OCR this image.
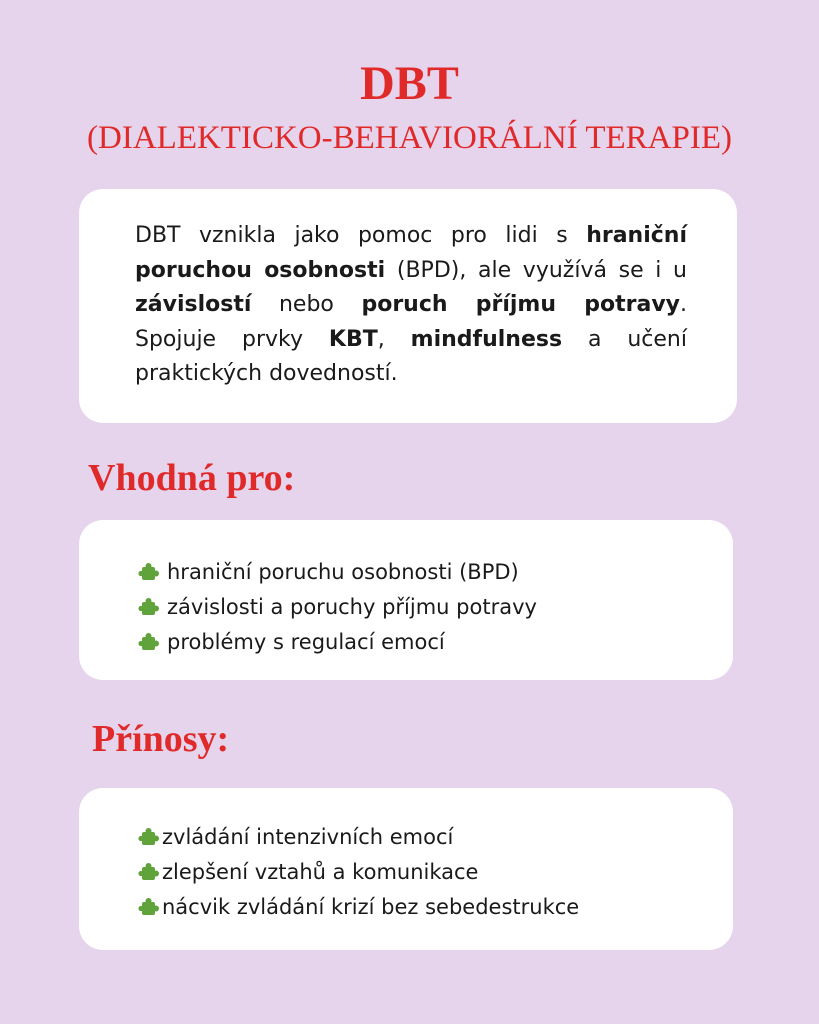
DBT
(DIALEKTICKO-BEHAVIORÁLNÍ TERAPIE)

DBT vznikla jako pomoc pro lidi s hraniční poruchou osobnosti (BPD), ale využívá se i u závislostí nebo poruch příjmu potravy. Spojuje prvky KBT, mindfulness a učení praktických dovedností.

Vhodná pro:
hraniční poruchu osobnosti (BPD)
závislosti a poruchy příjmu potravy
problémy s regulací emocí
Přínosy:
zvládání intenzivních emocí
zlepšení vztahů a komunikace
nácvik zvládání krizí bez sebedestrukce
